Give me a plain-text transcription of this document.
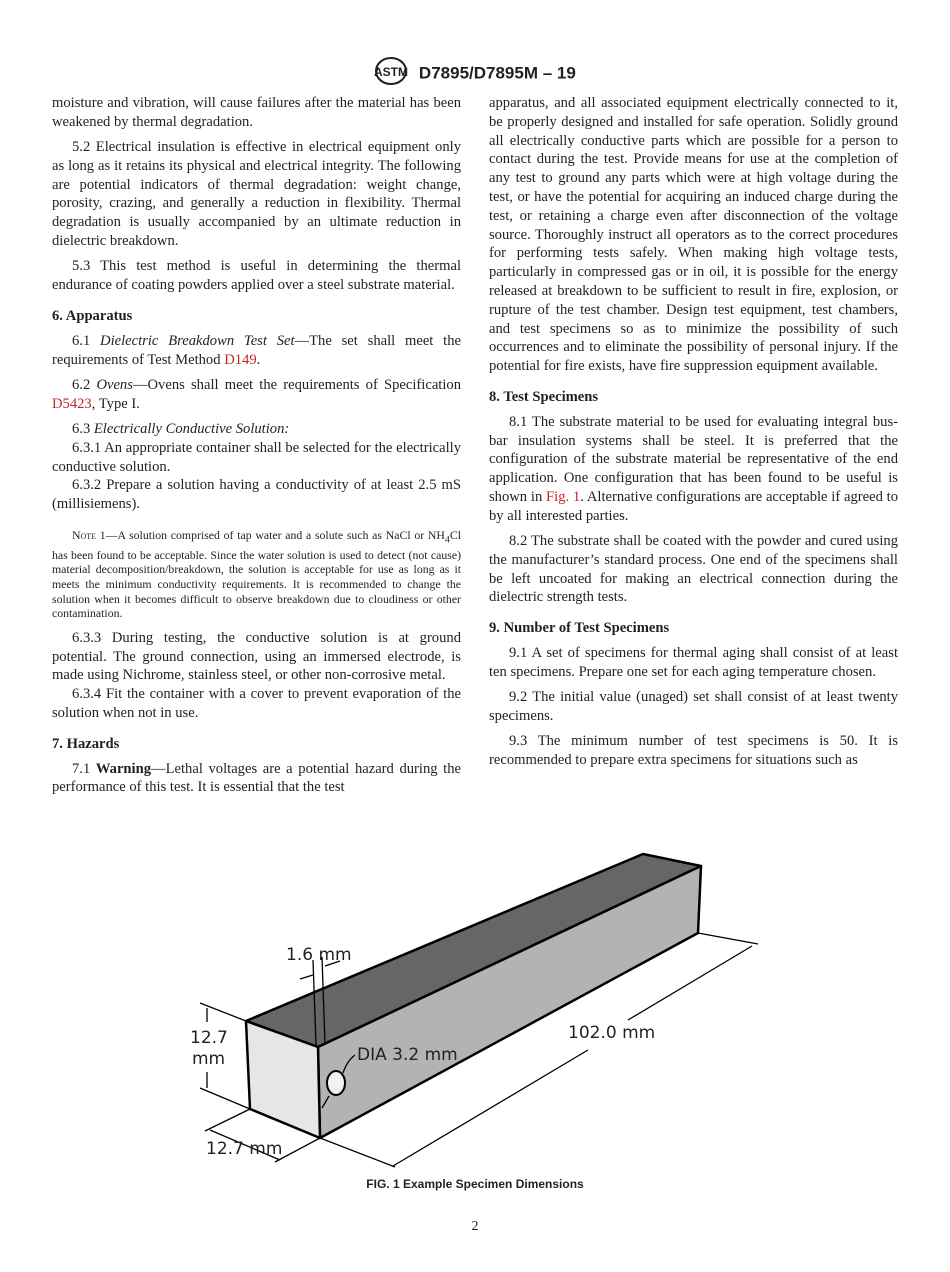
ASTM D7895/D7895M – 19

moisture and vibration, will cause failures after the material has been weakened by thermal degradation.

5.2 Electrical insulation is effective in electrical equipment only as long as it retains its physical and electrical integrity. The following are potential indicators of thermal degradation: weight change, porosity, crazing, and generally a reduction in flexibility. Thermal degradation is usually accompanied by an ultimate reduction in dielectric breakdown.

5.3 This test method is useful in determining the thermal endurance of coating powders applied over a steel substrate material.

6. Apparatus

6.1 Dielectric Breakdown Test Set—The set shall meet the requirements of Test Method D149.

6.2 Ovens—Ovens shall meet the requirements of Specification D5423, Type I.

6.3 Electrically Conductive Solution:

6.3.1 An appropriate container shall be selected for the electrically conductive solution.

6.3.2 Prepare a solution having a conductivity of at least 2.5 mS (millisiemens).

Note 1—A solution comprised of tap water and a solute such as NaCl or $NH_4Cl$ has been found to be acceptable. Since the water solution is used to detect (not cause) material decomposition/breakdown, the solution is acceptable for use as long as it meets the minimum conductivity requirements. It is recommended to change the solution when it becomes difficult to observe breakdown due to cloudiness or other contamination.

6.3.3 During testing, the conductive solution is at ground potential. The ground connection, using an immersed electrode, is made using Nichrome, stainless steel, or other non-corrosive metal.

6.3.4 Fit the container with a cover to prevent evaporation of the solution when not in use.

7. Hazards

7.1 Warning—Lethal voltages are a potential hazard during the performance of this test. It is essential that the test

apparatus, and all associated equipment electrically connected to it, be properly designed and installed for safe operation. Solidly ground all electrically conductive parts which are possible for a person to contact during the test. Provide means for use at the completion of any test to ground any parts which were at high voltage during the test, or have the potential for acquiring an induced charge during the test, or retaining a charge even after disconnection of the voltage source. Thoroughly instruct all operators as to the correct procedures for performing tests safely. When making high voltage tests, particularly in compressed gas or in oil, it is possible for the energy released at breakdown to be sufficient to result in fire, explosion, or rupture of the test chamber. Design test equipment, test chambers, and test specimens so as to minimize the possibility of such occurrences and to eliminate the possibility of personal injury. If the potential for fire exists, have fire suppression equipment available.

8. Test Specimens

8.1 The substrate material to be used for evaluating integral bus-bar insulation systems shall be steel. It is preferred that the configuration of the substrate material be representative of the end application. One configuration that has been found to be useful is shown in Fig. 1. Alternative configurations are acceptable if agreed to by all interested parties.

8.2 The substrate shall be coated with the powder and cured using the manufacturer’s standard process. One end of the specimens shall be left uncoated for making an electrical connection during the dielectric strength tests.

9. Number of Test Specimens

9.1 A set of specimens for thermal aging shall consist of at least ten specimens. Prepare one set for each aging temperature chosen.

9.2 The initial value (unaged) set shall consist of at least twenty specimens.

9.3 The minimum number of test specimens is 50. It is recommended to prepare extra specimens for situations such as

1.6 mm
12.7
mm	DIA 3.2 mm
102.0 mm
12.7 mm
FIG. 1 Example Specimen Dimensions
2
